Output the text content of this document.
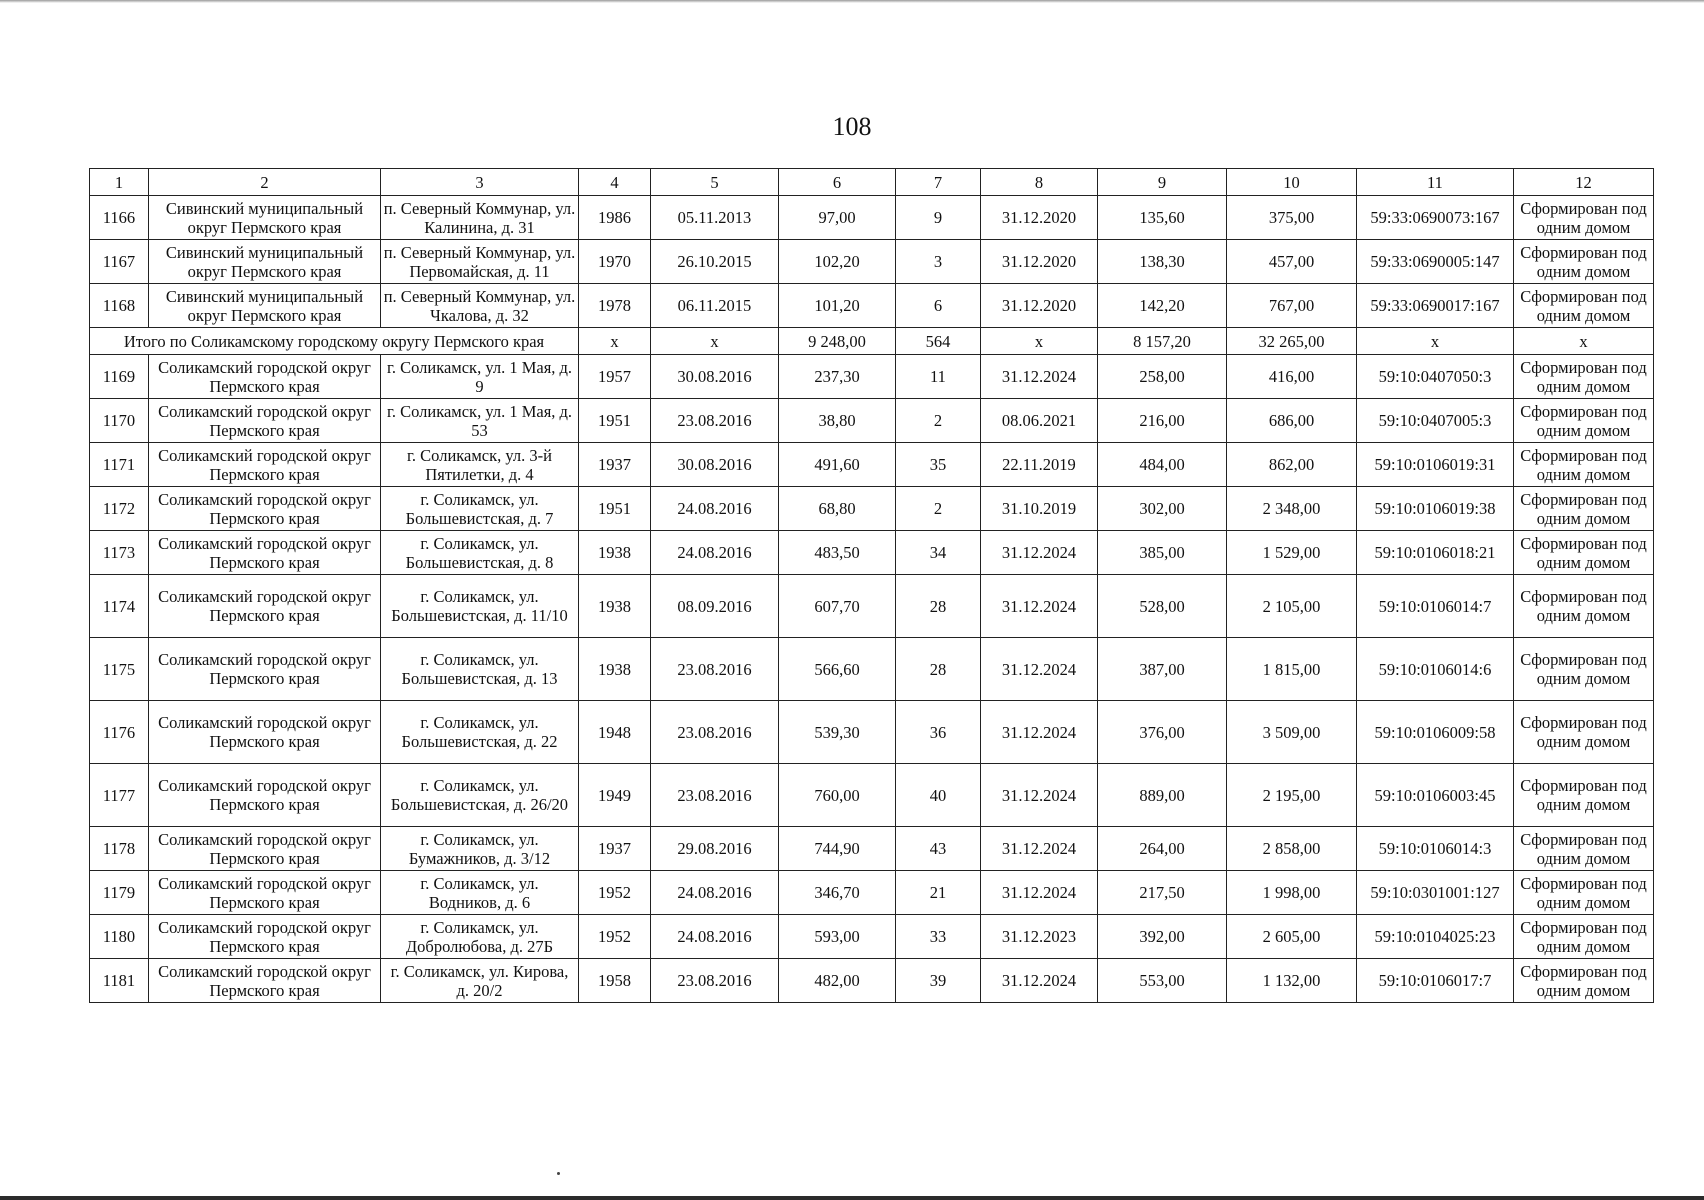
108
1	2	3	4	5	6	7	8	9	10	11	12
1166	Сивинский муниципальный округ Пермского края	п. Северный Коммунар, ул. Калинина, д. 31	1986	05.11.2013	97,00	9	31.12.2020	135,60	375,00	59:33:0690073:167	Сформирован под одним домом
1167	Сивинский муниципальный округ Пермского края	п. Северный Коммунар, ул. Первомайская, д. 11	1970	26.10.2015	102,20	3	31.12.2020	138,30	457,00	59:33:0690005:147	Сформирован под одним домом
1168	Сивинский муниципальный округ Пермского края	п. Северный Коммунар, ул. Чкалова, д. 32	1978	06.11.2015	101,20	6	31.12.2020	142,20	767,00	59:33:0690017:167	Сформирован под одним домом
Итого по Соликамскому городскому округу Пермского края			x	x	9 248,00	564	x	8 157,20	32 265,00	x	x
1169	Соликамский городской округ Пермского края	г. Соликамск, ул. 1 Мая, д. 9	1957	30.08.2016	237,30	11	31.12.2024	258,00	416,00	59:10:0407050:3	Сформирован под одним домом
1170	Соликамский городской округ Пермского края	г. Соликамск, ул. 1 Мая, д. 53	1951	23.08.2016	38,80	2	08.06.2021	216,00	686,00	59:10:0407005:3	Сформирован под одним домом
1171	Соликамский городской округ Пермского края	г. Соликамск, ул. 3-й Пятилетки, д. 4	1937	30.08.2016	491,60	35	22.11.2019	484,00	862,00	59:10:0106019:31	Сформирован под одним домом
1172	Соликамский городской округ Пермского края	г. Соликамск, ул. Большевистская, д. 7	1951	24.08.2016	68,80	2	31.10.2019	302,00	2 348,00	59:10:0106019:38	Сформирован под одним домом
1173	Соликамский городской округ Пермского края	г. Соликамск, ул. Большевистская, д. 8	1938	24.08.2016	483,50	34	31.12.2024	385,00	1 529,00	59:10:0106018:21	Сформирован под одним домом
1174	Соликамский городской округ Пермского края	г. Соликамск, ул. Большевистская, д. 11/10	1938	08.09.2016	607,70	28	31.12.2024	528,00	2 105,00	59:10:0106014:7	Сформирован под одним домом
1175	Соликамский городской округ Пермского края	г. Соликамск, ул. Большевистская, д. 13	1938	23.08.2016	566,60	28	31.12.2024	387,00	1 815,00	59:10:0106014:6	Сформирован под одним домом
1176	Соликамский городской округ Пермского края	г. Соликамск, ул. Большевистская, д. 22	1948	23.08.2016	539,30	36	31.12.2024	376,00	3 509,00	59:10:0106009:58	Сформирован под одним домом
1177	Соликамский городской округ Пермского края	г. Соликамск, ул. Большевистская, д. 26/20	1949	23.08.2016	760,00	40	31.12.2024	889,00	2 195,00	59:10:0106003:45	Сформирован под одним домом
1178	Соликамский городской округ Пермского края	г. Соликамск, ул. Бумажников, д. 3/12	1937	29.08.2016	744,90	43	31.12.2024	264,00	2 858,00	59:10:0106014:3	Сформирован под одним домом
1179	Соликамский городской округ Пермского края	г. Соликамск, ул. Водников, д. 6	1952	24.08.2016	346,70	21	31.12.2024	217,50	1 998,00	59:10:0301001:127	Сформирован под одним домом
1180	Соликамский городской округ Пермского края	г. Соликамск, ул. Добролюбова, д. 27Б	1952	24.08.2016	593,00	33	31.12.2023	392,00	2 605,00	59:10:0104025:23	Сформирован под одним домом
1181	Соликамский городской округ Пермского края	г. Соликамск, ул. Кирова, д. 20/2	1958	23.08.2016	482,00	39	31.12.2024	553,00	1 132,00	59:10:0106017:7	Сформирован под одним домом
